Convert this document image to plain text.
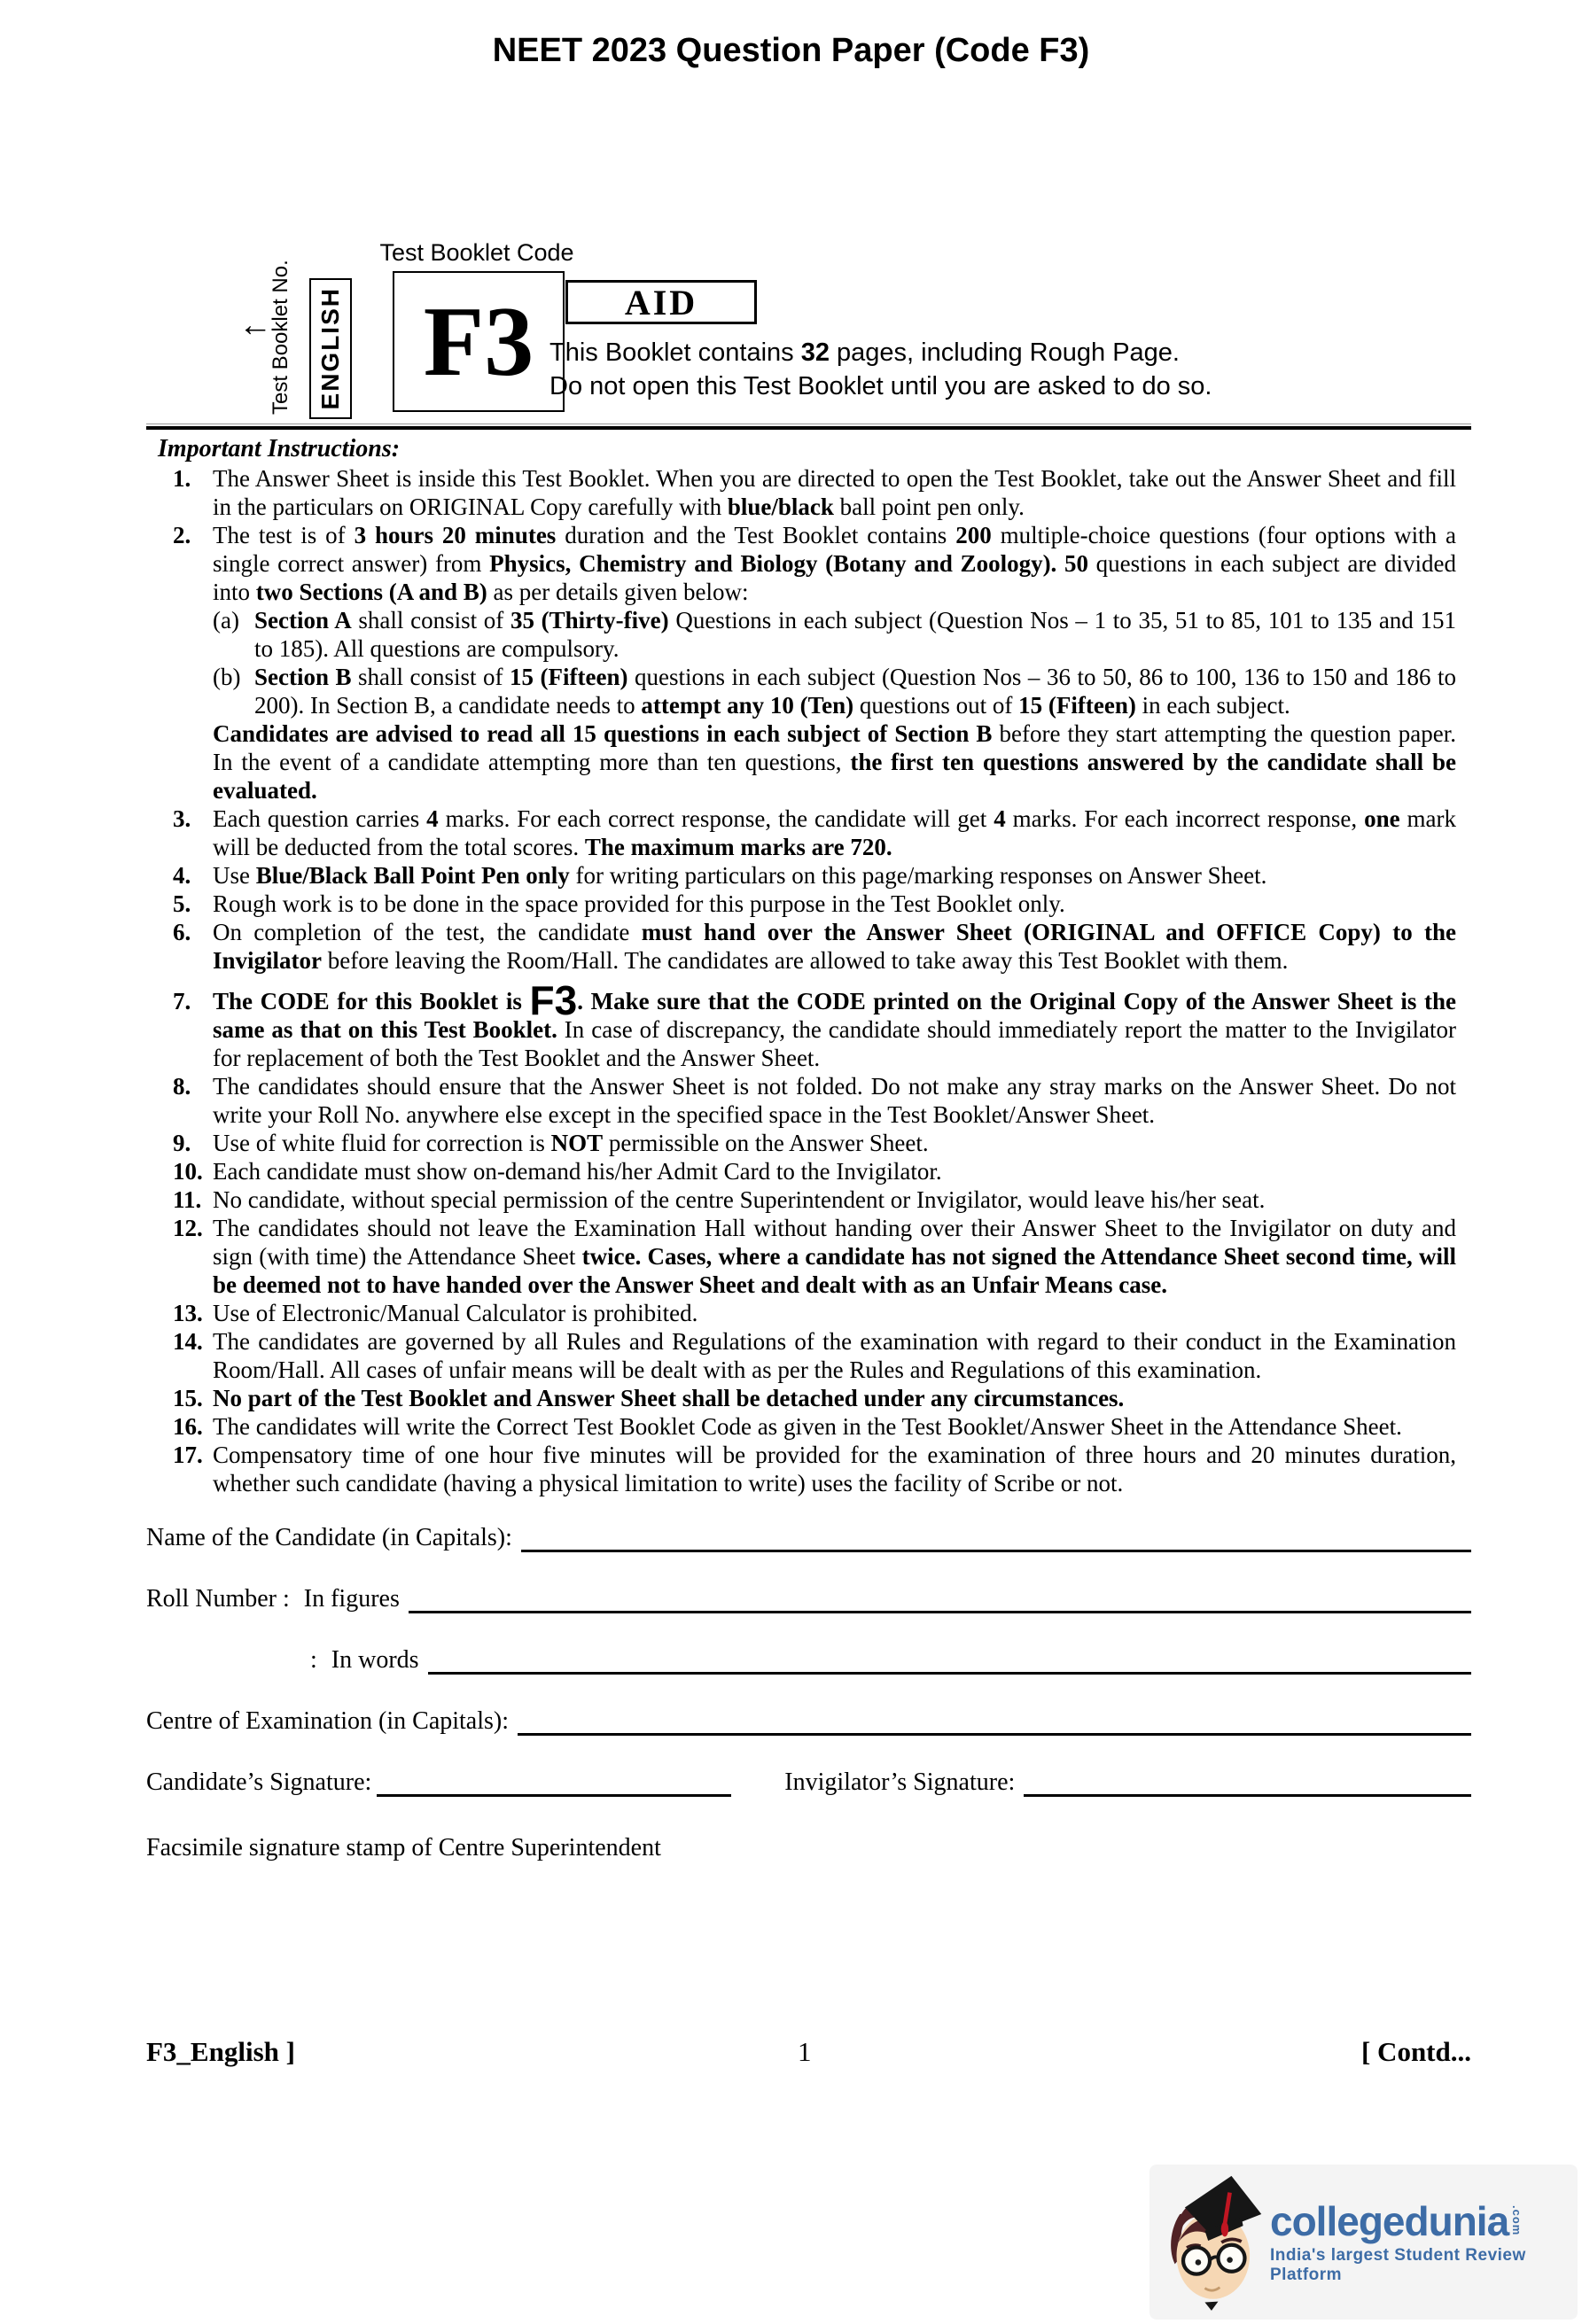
NEET 2023 Question Paper (Code F3)
←
Test Booklet No. ENGLISH
Test Booklet Code
F3	AID
This Booklet contains 32 pages, including Rough Page.
Do not open this Test Booklet until you are asked to do so.
Important Instructions:
1. The Answer Sheet is inside this Test Booklet. When you are directed to open the Test Booklet, take out the Answer Sheet and fill in the particulars on ORIGINAL Copy carefully with blue/black ball point pen only.
2. The test is of 3 hours 20 minutes duration and the Test Booklet contains 200 multiple-choice questions (four options with a single correct answer) from Physics, Chemistry and Biology (Botany and Zoology). 50 questions in each subject are divided into two Sections (A and B) as per details given below:
(a) Section A shall consist of 35 (Thirty-five) Questions in each subject (Question Nos – 1 to 35, 51 to 85, 101 to 135 and 151 to 185). All questions are compulsory.
(b) Section B shall consist of 15 (Fifteen) questions in each subject (Question Nos – 36 to 50, 86 to 100, 136 to 150 and 186 to 200). In Section B, a candidate needs to attempt any 10 (Ten) questions out of 15 (Fifteen) in each subject.
Candidates are advised to read all 15 questions in each subject of Section B before they start attempting the question paper. In the event of a candidate attempting more than ten questions, the first ten questions answered by the candidate shall be evaluated.
3. Each question carries 4 marks. For each correct response, the candidate will get 4 marks. For each incorrect response, one mark will be deducted from the total scores. The maximum marks are 720.
4. Use Blue/Black Ball Point Pen only for writing particulars on this page/marking responses on Answer Sheet.
5. Rough work is to be done in the space provided for this purpose in the Test Booklet only.
6. On completion of the test, the candidate must hand over the Answer Sheet (ORIGINAL and OFFICE Copy) to the Invigilator before leaving the Room/Hall. The candidates are allowed to take away this Test Booklet with them.
7. The CODE for this Booklet is F3. Make sure that the CODE printed on the Original Copy of the Answer Sheet is the same as that on this Test Booklet. In case of discrepancy, the candidate should immediately report the matter to the Invigilator for replacement of both the Test Booklet and the Answer Sheet.
8. The candidates should ensure that the Answer Sheet is not folded. Do not make any stray marks on the Answer Sheet. Do not write your Roll No. anywhere else except in the specified space in the Test Booklet/Answer Sheet.
9. Use of white fluid for correction is NOT permissible on the Answer Sheet.
10. Each candidate must show on-demand his/her Admit Card to the Invigilator.
11. No candidate, without special permission of the centre Superintendent or Invigilator, would leave his/her seat.
12. The candidates should not leave the Examination Hall without handing over their Answer Sheet to the Invigilator on duty and sign (with time) the Attendance Sheet twice. Cases, where a candidate has not signed the Attendance Sheet second time, will be deemed not to have handed over the Answer Sheet and dealt with as an Unfair Means case.
13. Use of Electronic/Manual Calculator is prohibited.
14. The candidates are governed by all Rules and Regulations of the examination with regard to their conduct in the Examination Room/Hall. All cases of unfair means will be dealt with as per the Rules and Regulations of this examination.
15. No part of the Test Booklet and Answer Sheet shall be detached under any circumstances.
16. The candidates will write the Correct Test Booklet Code as given in the Test Booklet/Answer Sheet in the Attendance Sheet.
17. Compensatory time of one hour five minutes will be provided for the examination of three hours and 20 minutes duration, whether such candidate (having a physical limitation to write) uses the facility of Scribe or not.
Name of the Candidate (in Capitals):
Roll Number : In figures
: In words
Centre of Examination (in Capitals):
Candidate’s Signature:	Invigilator’s Signature:
Facsimile signature stamp of Centre Superintendent
F3_English ]	1	[ Contd...
collegedunia .com
India's largest Student Review Platform
